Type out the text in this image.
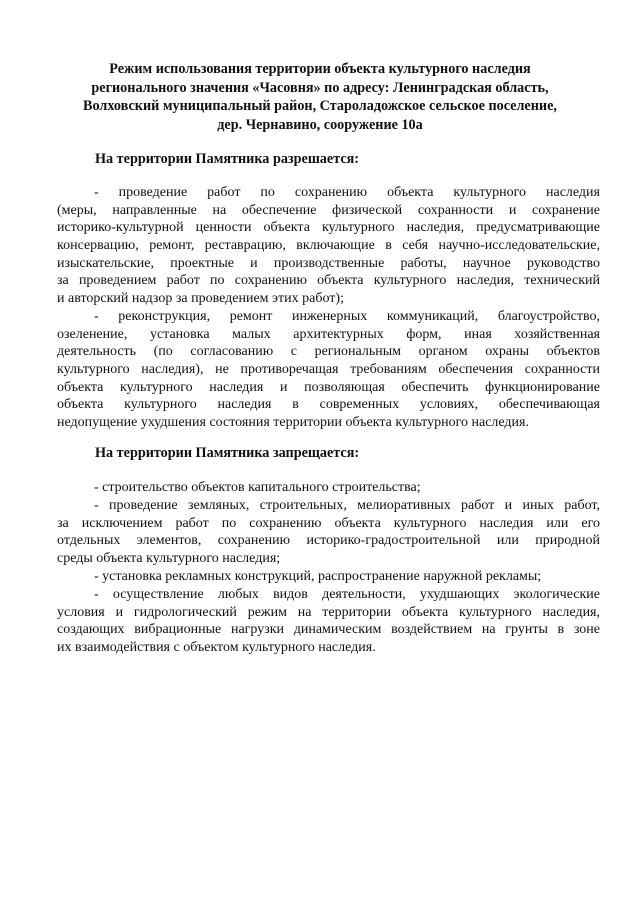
Режим использования территории объекта культурного наследия
регионального значения «Часовня» по адресу: Ленинградская область,
Волховский муниципальный район, Староладожское сельское поселение,
дер. Чернавино, сооружение 10а
На территории Памятника разрешается:
- проведение работ по сохранению объекта культурного наследия
(меры, направленные на обеспечение физической сохранности и сохранение
историко-культурной ценности объекта культурного наследия, предусматривающие
консервацию, ремонт, реставрацию, включающие в себя научно-исследовательские,
изыскательские, проектные и производственные работы, научное руководство
за проведением работ по сохранению объекта культурного наследия, технический
и авторский надзор за проведением этих работ);
- реконструкция, ремонт инженерных коммуникаций, благоустройство,
озеленение, установка малых архитектурных форм, иная хозяйственная
деятельность (по согласованию с региональным органом охраны объектов
культурного наследия), не противоречащая требованиям обеспечения сохранности
объекта культурного наследия и позволяющая обеспечить функционирование
объекта культурного наследия в современных условиях, обеспечивающая
недопущение ухудшения состояния территории объекта культурного наследия.
На территории Памятника запрещается:
- строительство объектов капитального строительства;
- проведение земляных, строительных, мелиоративных работ и иных работ,
за исключением работ по сохранению объекта культурного наследия или его
отдельных элементов, сохранению историко-градостроительной или природной
среды объекта культурного наследия;
- установка рекламных конструкций, распространение наружной рекламы;
- осуществление любых видов деятельности, ухудшающих экологические
условия и гидрологический режим на территории объекта культурного наследия,
создающих вибрационные нагрузки динамическим воздействием на грунты в зоне
их взаимодействия с объектом культурного наследия.
